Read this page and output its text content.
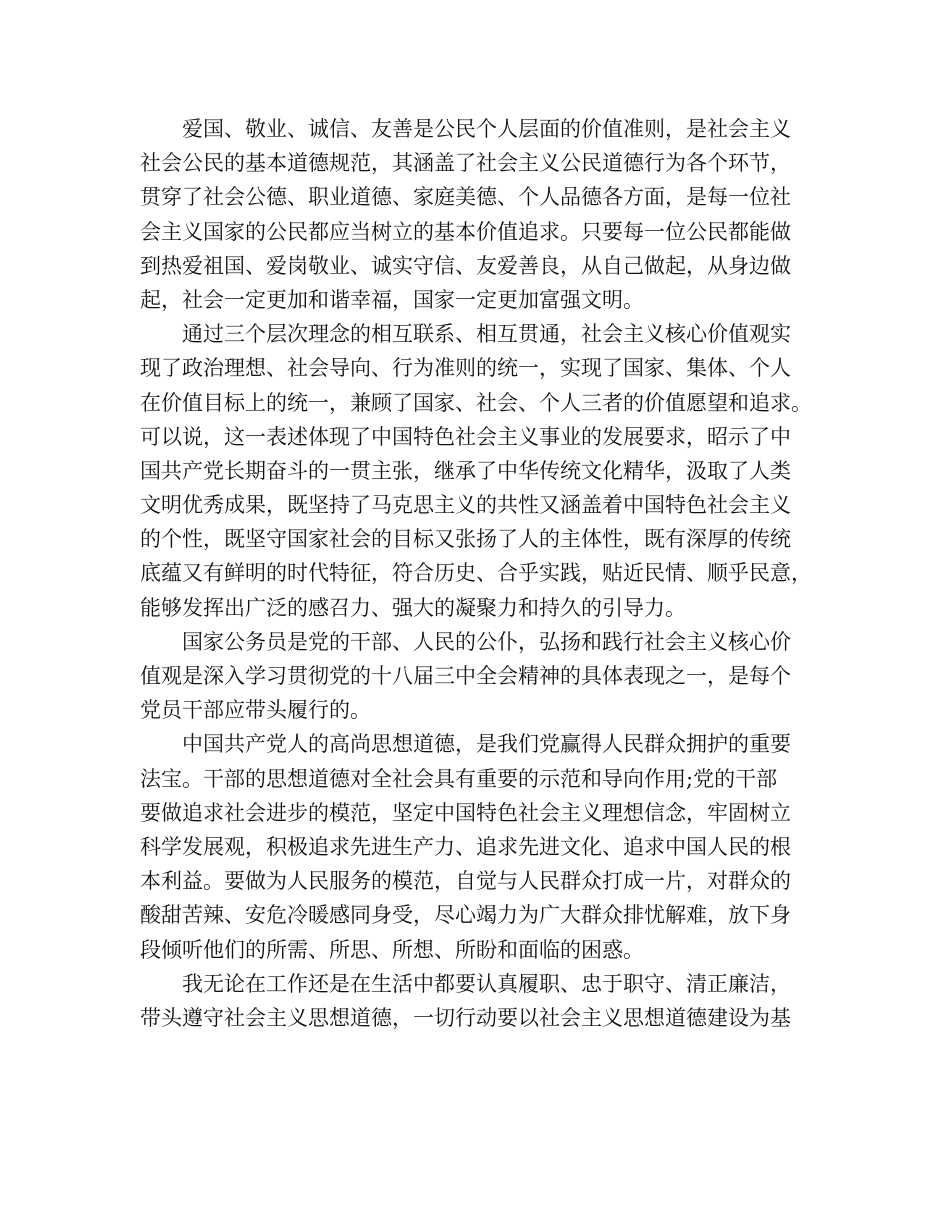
爱国、敬业、诚信、友善是公民个人层面的价值准则，是社会主义
社会公民的基本道德规范，其涵盖了社会主义公民道德行为各个环节，
贯穿了社会公德、职业道德、家庭美德、个人品德各方面，是每一位社
会主义国家的公民都应当树立的基本价值追求。只要每一位公民都能做
到热爱祖国、爱岗敬业、诚实守信、友爱善良，从自己做起，从身边做
起，社会一定更加和谐幸福，国家一定更加富强文明。
通过三个层次理念的相互联系、相互贯通，社会主义核心价值观实
现了政治理想、社会导向、行为准则的统一，实现了国家、集体、个人
在价值目标上的统一，兼顾了国家、社会、个人三者的价值愿望和追求。
可以说，这一表述体现了中国特色社会主义事业的发展要求，昭示了中
国共产党长期奋斗的一贯主张，继承了中华传统文化精华，汲取了人类
文明优秀成果，既坚持了马克思主义的共性又涵盖着中国特色社会主义
的个性，既坚守国家社会的目标又张扬了人的主体性，既有深厚的传统
底蕴又有鲜明的时代特征，符合历史、合乎实践，贴近民情、顺乎民意，
能够发挥出广泛的感召力、强大的凝聚力和持久的引导力。
国家公务员是党的干部、人民的公仆，弘扬和践行社会主义核心价
值观是深入学习贯彻党的十八届三中全会精神的具体表现之一，是每个
党员干部应带头履行的。
中国共产党人的高尚思想道德，是我们党赢得人民群众拥护的重要
法宝。干部的思想道德对全社会具有重要的示范和导向作用;党的干部
要做追求社会进步的模范，坚定中国特色社会主义理想信念，牢固树立
科学发展观，积极追求先进生产力、追求先进文化、追求中国人民的根
本利益。要做为人民服务的模范，自觉与人民群众打成一片，对群众的
酸甜苦辣、安危冷暖感同身受，尽心竭力为广大群众排忧解难，放下身
段倾听他们的所需、所思、所想、所盼和面临的困惑。
我无论在工作还是在生活中都要认真履职、忠于职守、清正廉洁，
带头遵守社会主义思想道德，一切行动要以社会主义思想道德建设为基
